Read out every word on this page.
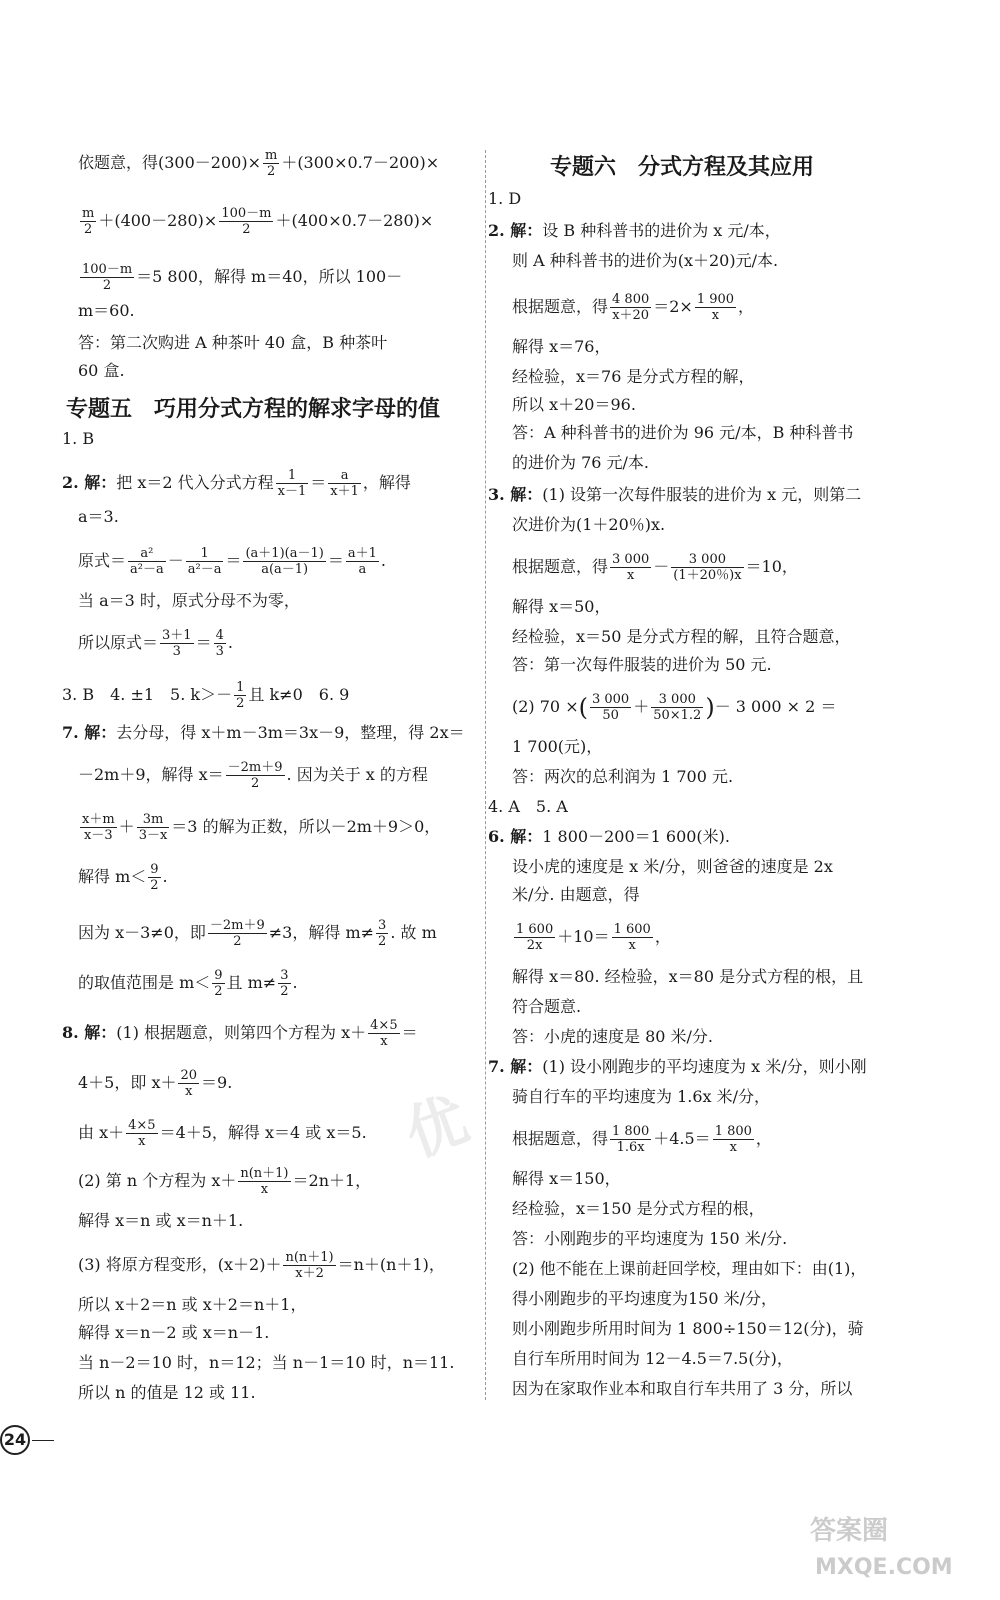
依题意，得$(300-200)\times \frac{m}{2} +(300\times 0.7-200)\times$
$\frac{m}{2} +(400-280)\times \frac{100-m}{2} +(400\times 0.7-280)\times$
$\frac{100-m}{2} =5$ 800，解得 m＝40，所以 100－
m＝60.
答：第二次购进 A 种茶叶 40 盒，B 种茶叶
60 盒.
专题五　巧用分式方程的解求字母的值
1. B
2. 解：把 x＝2 代入分式方程 $\frac{1}{x-1} = \frac{a}{x+1}$ ，解得
a＝3.
原式＝ $\frac{\text{a²}}{\text{a²－a}} - \frac{1}{\text{a²－a}} = \frac{(a+1)(a-1)}{a(a-1)} = \frac{a+1}{a}$ .
当 a＝3 时，原式分母不为零，
所以原式＝ $\frac{3+1}{3} = \frac{4}{3}$ .
3. B　4. ±1　5. $k>- \frac{1}{2}$ 且 k≠0　6. 9
7. 解：去分母，得 x＋m－3m＝3x－9，整理，得 2x＝
－2m＋9，解得 $x= \frac{-2m+9}{2}$ . 因为关于 x 的方程
$\frac{x+m}{x-3} + \frac{3m}{3-x} =3$ 的解为正数，所以－2m＋9＞0，
解得 $m< \frac{9}{2}$ .
因为 x－3≠0，即 $\frac{-2m+9}{2} \ne 3$，解得 $m\ne \frac{3}{2}$ . 故 m
的取值范围是 $m< \frac{9}{2}$ 且 $m\ne \frac{3}{2}$ .
8. 解：(1) 根据题意，则第四个方程为 $x+ \frac{4\times 5}{x}$ ＝
4＋5，即 $x+ \frac{20}{x} =9$.
由 $x+ \frac{4\times 5}{x} =4+5$，解得 x＝4 或 x＝5.
(2) 第 n 个方程为 $x+ \frac{n(n+1)}{x} =2n+1$，
解得 x＝n 或 x＝n＋1.
(3) 将原方程变形，$(x+2)+ \frac{n(n+1)}{x+2} =n+(n+1)$，
所以 x＋2＝n 或 x＋2＝n＋1，
解得 x＝n－2 或 x＝n－1.
当 n－2＝10 时，n＝12；当 n－1＝10 时，n＝11.
所以 n 的值是 12 或 11.
专题六　分式方程及其应用
1. D
2. 解：设 B 种科普书的进价为 x 元/本，
则 A 种科普书的进价为(x＋20)元/本.
根据题意，得 $\frac{4 800}{x+20} =2\times \frac{1 900}{x}$ ，
解得 x＝76，
经检验，x＝76 是分式方程的解，
所以 x＋20＝96.
答：A 种科普书的进价为 96 元/本，B 种科普书
的进价为 76 元/本.
3. 解：(1) 设第一次每件服装的进价为 x 元，则第二
次进价为(1＋20％)x.
根据题意，得 $\frac{3 000}{x} - \frac{3 000}{(1+20\%)x} =10$，
解得 x＝50，
经检验，x＝50 是分式方程的解，且符合题意，
答：第一次每件服装的进价为 50 元.
(2) 70 ×( $\frac{3 000}{50} + \frac{3 000}{50\times 1.2}$ )－ 3 000 × 2 ＝
1 700(元)，
答：两次的总利润为 1 700 元.
4. A　5. A
6. 解：1 800－200＝1 600(米).
设小虎的速度是 x 米/分，则爸爸的速度是 2x
米/分. 由题意，得
$\frac{1 600}{2x} +10= \frac{1 600}{x}$ ，
解得 x＝80. 经检验，x＝80 是分式方程的根，且
符合题意.
答：小虎的速度是 80 米/分.
7. 解：(1) 设小刚跑步的平均速度为 x 米/分，则小刚
骑自行车的平均速度为 1.6x 米/分，
根据题意，得 $\frac{1 800}{1.6x} +4.5= \frac{1 800}{x}$ ，
解得 x＝150，
经检验，x＝150 是分式方程的根，
答：小刚跑步的平均速度为 150 米/分.
(2) 他不能在上课前赶回学校，理由如下：由(1)，
得小刚跑步的平均速度为150 米/分，
则小刚跑步所用时间为 1 800÷150＝12(分)，骑
自行车所用时间为 12－4.5＝7.5(分)，
因为在家取作业本和取自行车共用了 3 分，所以
24
优
答案圈
MXQE.COM
